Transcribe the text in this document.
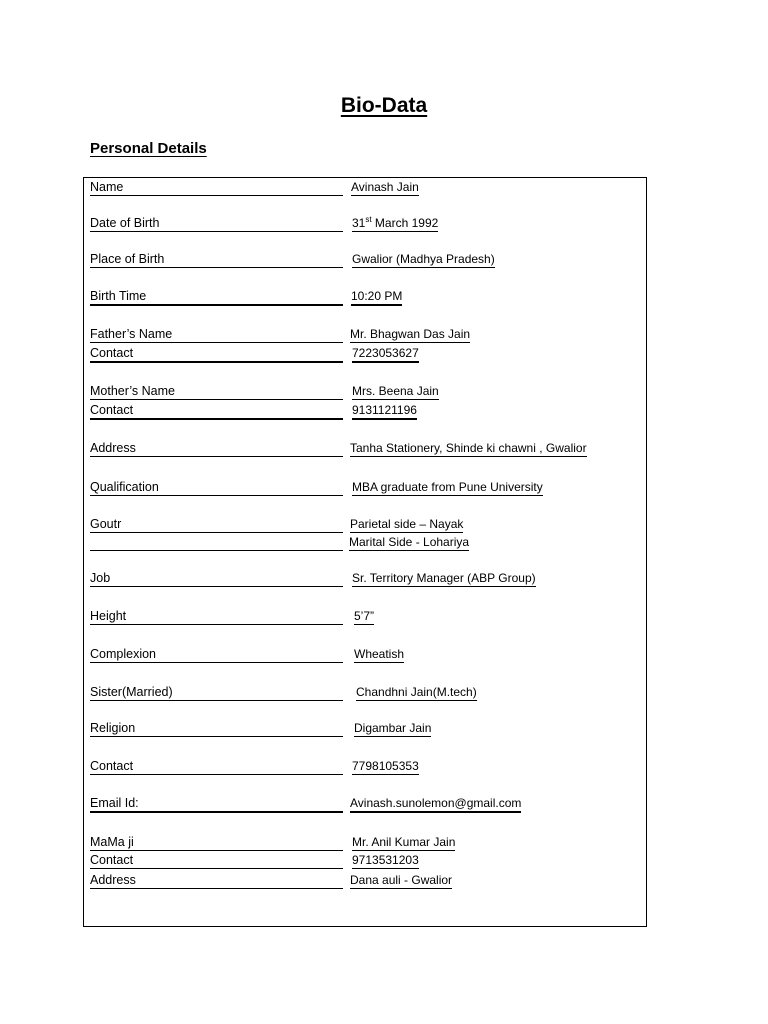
Bio-Data
Personal Details
Name	Avinash Jain
Date of Birth	31st March 1992
Place of Birth	Gwalior (Madhya Pradesh)
Birth Time	10:20 PM
Father’s Name	Mr. Bhagwan Das Jain
Contact	7223053627
Mother’s Name	Mrs. Beena Jain
Contact	9131121196
Address	Tanha Stationery, Shinde ki chawni , Gwalior
Qualification	MBA graduate from Pune University
Goutr	Parietal side – Nayak
Marital Side - Lohariya
Job	Sr. Territory Manager (ABP Group)
Height	5’7”
Complexion	Wheatish
Sister(Married)	Chandhni Jain(M.tech)
Religion	Digambar Jain
Contact	7798105353
Email Id:	Avinash.sunolemon@gmail.com
MaMa ji	Mr. Anil Kumar Jain
Contact	9713531203
Address	Dana auli - Gwalior
